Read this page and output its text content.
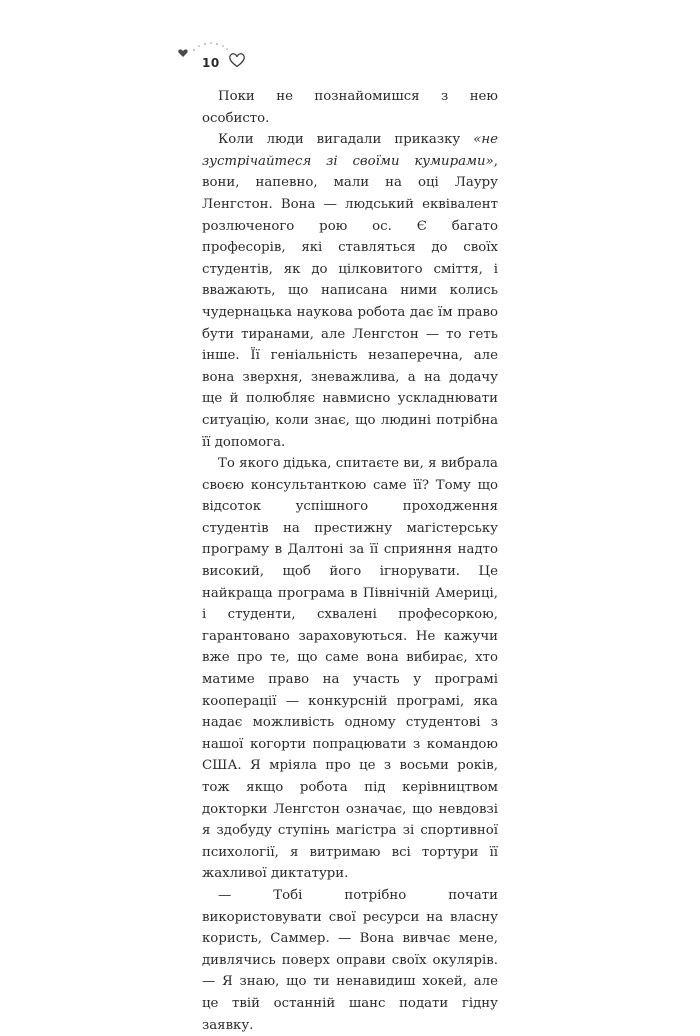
10

Поки не познайомишся з нею особисто.

Коли люди вигадали приказку «не зустрічайтеся зі своїми кумирами», вони, напевно, мали на оці Лауру Ленгстон. Вона — людський еквівалент розлюченого рою ос. Є багато професорів, які ставляться до своїх студентів, як до цілковитого сміття, і вважають, що написана ними колись чудернацька наукова робота дає їм право бути тиранами, але Ленгстон — то геть інше. Її геніальність незаперечна, але вона зверхня, зневажлива, а на додачу ще й полюбляє навмисно ускладнювати ситуацію, коли знає, що людині потрібна її допомога.

То якого дідька, спитаєте ви, я вибрала своєю консультанткою саме її? Тому що відсоток успішного проходження студентів на престижну магістерську програму в Далтоні за її сприяння надто високий, щоб його ігнорувати. Це найкраща програма в Північній Америці, і студенти, схвалені професоркою, гарантовано зараховуються. Не кажучи вже про те, що саме вона вибирає, хто матиме право на участь у програмі кооперації — конкурсній програмі, яка надає можливість одному студентові з нашої когорти попрацювати з командою США. Я мріяла про це з восьми років, тож якщо робота під керівництвом докторки Ленгстон означає, що невдовзі я здобуду ступінь магістра зі спортивної психології, я витримаю всі тортури її жахливої диктатури.

— Тобі потрібно почати використовувати свої ресурси на власну користь, Саммер. — Вона вивчає мене, дивлячись поверх оправи своїх окулярів. — Я знаю, що ти ненавидиш хокей, але це твій останній шанс подати гідну заявку.
